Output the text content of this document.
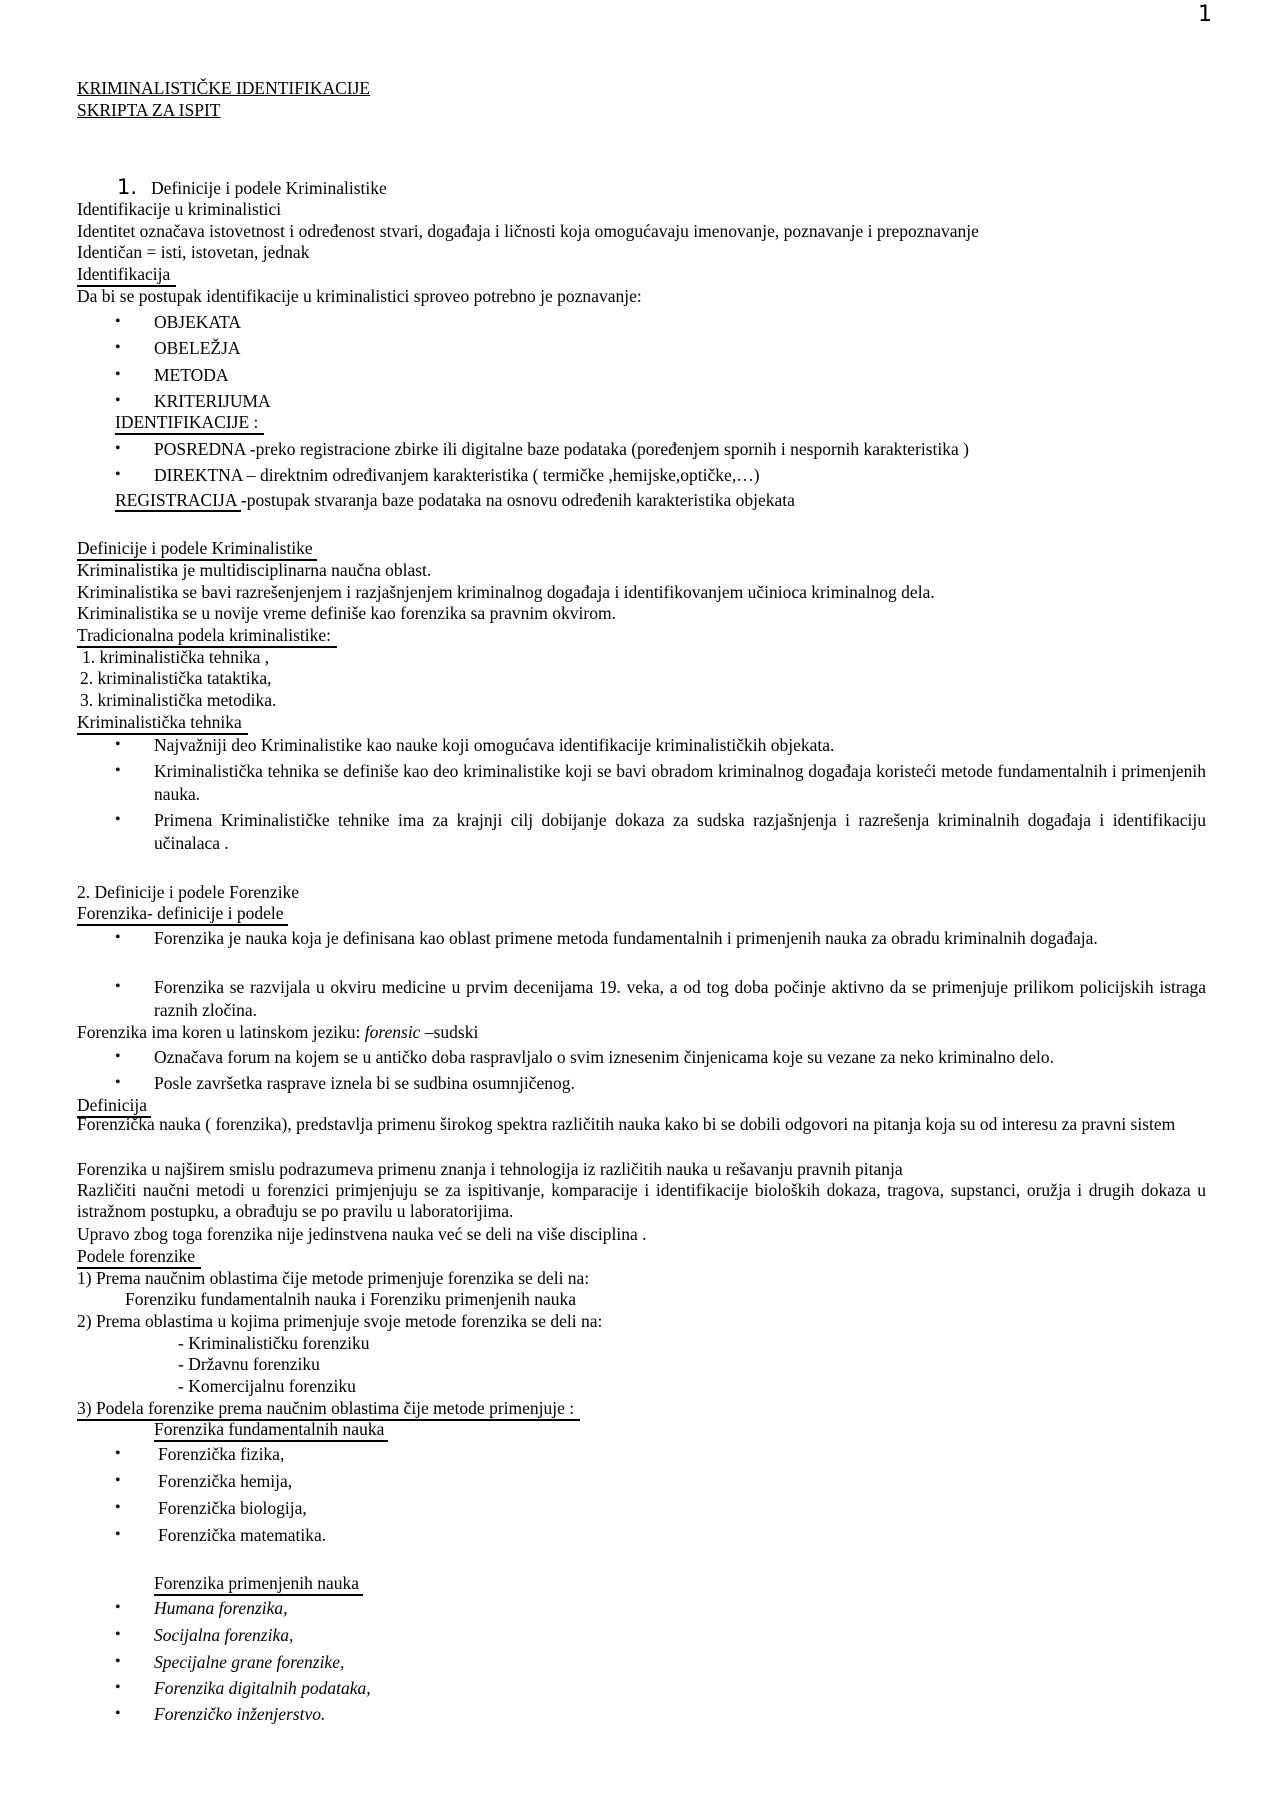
1
KRIMINALISTIČKE IDENTIFIKACIJE
SKRIPTA ZA ISPIT
1. Definicije i podele Kriminalistike
Identifikacije u kriminalistici
Identitet označava istovetnost i određenost stvari, događaja i ličnosti koja omogućavaju imenovanje, poznavanje i prepoznavanje
Identičan = isti, istovetan, jednak
Identifikacija
Da bi se postupak identifikacije u kriminalistici sproveo potrebno je poznavanje:
• OBJEKATA
• OBELEŽJA
• METODA
• KRITERIJUMA
IDENTIFIKACIJE :
• POSREDNA -preko registracione zbirke ili digitalne baze podataka (poređenjem spornih i nespornih karakteristika )
• DIREKTNA – direktnim određivanjem karakteristika ( termičke ,hemijske,optičke,…)
REGISTRACIJA -postupak stvaranja baze podataka na osnovu određenih karakteristika objekata
Definicije i podele Kriminalistike
Kriminalistika je multidisciplinarna naučna oblast.
Kriminalistika se bavi razrešenjenjem i razjašnjenjem kriminalnog događaja i identifikovanjem učinioca kriminalnog dela.
Kriminalistika se u novije vreme definiše kao forenzika sa pravnim okvirom.
Tradicionalna podela kriminalistike:
1. kriminalistička tehnika ,
2. kriminalistička tataktika,
3. kriminalistička metodika.
Kriminalistička tehnika
• Najvažniji deo Kriminalistike kao nauke koji omogućava identifikacije kriminalističkih objekata.
• Kriminalistička tehnika se definiše kao deo kriminalistike koji se bavi obradom kriminalnog događaja koristeći metode fundamentalnih i primenjenih nauka.
• Primena Kriminalističke tehnike ima za krajnji cilj dobijanje dokaza za sudska razjašnjenja i razrešenja kriminalnih događaja i identifikaciju učinalaca .
2. Definicije i podele Forenzike
Forenzika- definicije i podele
• Forenzika je nauka koja je definisana kao oblast primene metoda fundamentalnih i primenjenih nauka za obradu kriminalnih događaja.
• Forenzika se razvijala u okviru medicine u prvim decenijama 19. veka, a od tog doba počinje aktivno da se primenjuje prilikom policijskih istraga raznih zločina.
Forenzika ima koren u latinskom jeziku: forensic –sudski
• Označava forum na kojem se u antičko doba raspravljalo o svim iznesenim činjenicama koje su vezane za neko kriminalno delo.
• Posle završetka rasprave iznela bi se sudbina osumnjičenog.
Definicija
Forenzička nauka ( forenzika), predstavlja primenu širokog spektra različitih nauka kako bi se dobili odgovori na pitanja koja su od interesu za pravni sistem
Forenzika u najširem smislu podrazumeva primenu znanja i tehnologija iz različitih nauka u rešavanju pravnih pitanja
Različiti naučni metodi u forenzici primjenjuju se za ispitivanje, komparacije i identifikacije bioloških dokaza, tragova, supstanci, oružja i drugih dokaza u istražnom postupku, a obrađuju se po pravilu u laboratorijima.
Upravo zbog toga forenzika nije jedinstvena nauka već se deli na više disciplina .
Podele forenzike
1) Prema naučnim oblastima čije metode primenjuje forenzika se deli na:
Forenziku fundamentalnih nauka i Forenziku primenjenih nauka
2) Prema oblastima u kojima primenjuje svoje metode forenzika se deli na:
- Kriminalističku forenziku
- Državnu forenziku
- Komercijalnu forenziku
3) Podela forenzike prema naučnim oblastima čije metode primenjuje :
Forenzika fundamentalnih nauka
• Forenzička fizika,
• Forenzička hemija,
• Forenzička biologija,
• Forenzička matematika.
Forenzika primenjenih nauka
• Humana forenzika,
• Socijalna forenzika,
• Specijalne grane forenzike,
• Forenzika digitalnih podataka,
• Forenzičko inženjerstvo.
